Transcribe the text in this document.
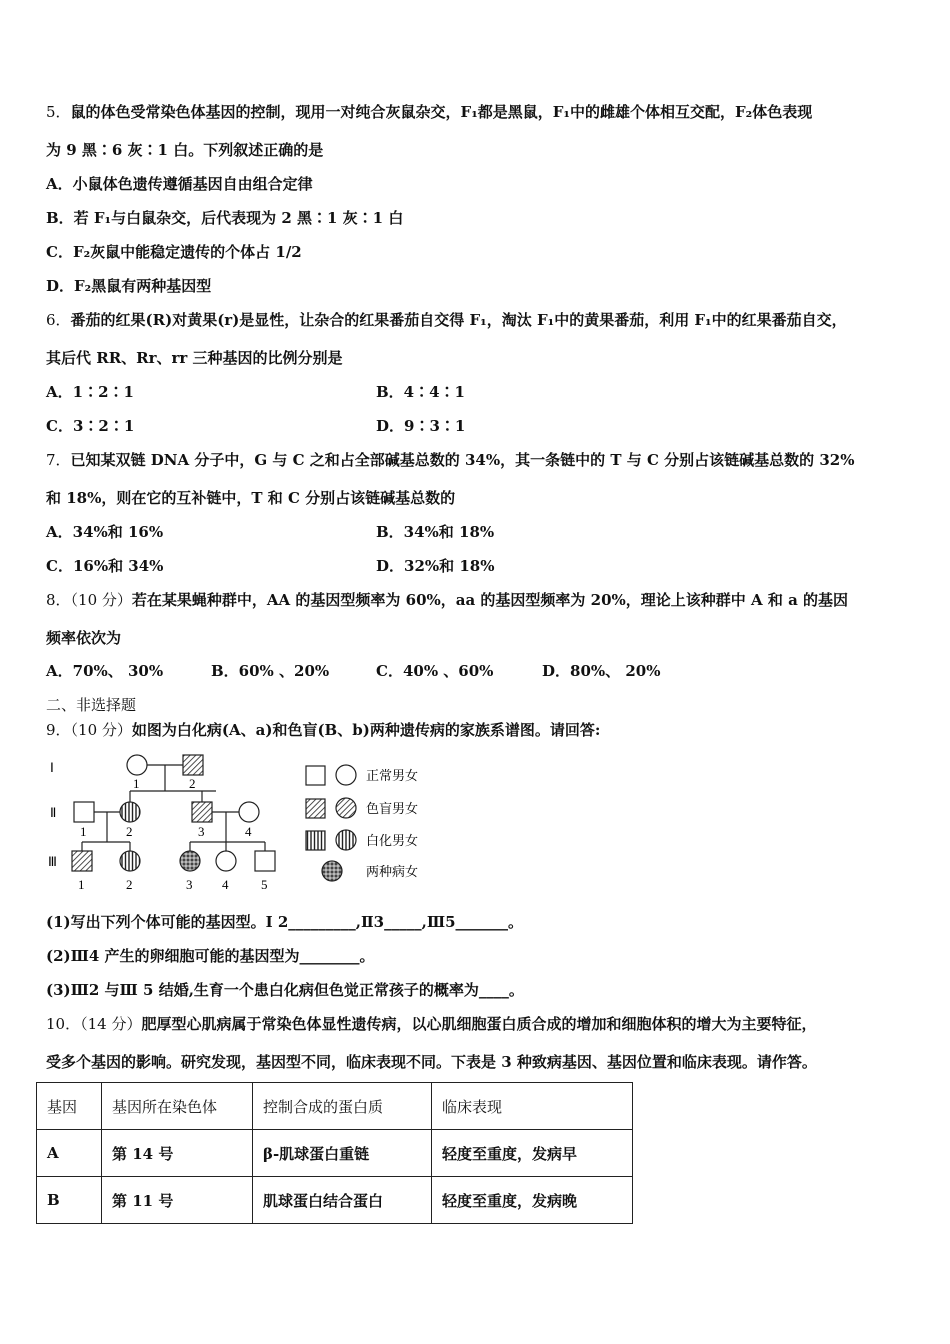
5．鼠的体色受常染色体基因的控制，现用一对纯合灰鼠杂交，F₁都是黑鼠，F₁中的雌雄个体相互交配，F₂体色表现
为 9 黑∶6 灰∶1 白。下列叙述正确的是
A．小鼠体色遗传遵循基因自由组合定律
B．若 F₁与白鼠杂交，后代表现为 2 黑∶1 灰∶1 白
C．F₂灰鼠中能稳定遗传的个体占 1/2
D．F₂黑鼠有两种基因型
6．番茄的红果(R)对黄果(r)是显性，让杂合的红果番茄自交得 F₁，淘汰 F₁中的黄果番茄，利用 F₁中的红果番茄自交，
其后代 RR、Rr、rr 三种基因的比例分别是
A．1∶2∶1	B．4∶4∶1
C．3∶2∶1	D．9∶3∶1
7．已知某双链 DNA 分子中，G 与 C 之和占全部碱基总数的 34%，其一条链中的 T 与 C 分别占该链碱基总数的 32%
和 18%，则在它的互补链中，T 和 C 分别占该链碱基总数的
A．34%和 16%	B．34%和 18%
C．16%和 34%	D．32%和 18%
8．（10 分）若在某果蝇种群中，AA 的基因型频率为 60%，aa 的基因型频率为 20%，理论上该种群中 A 和 a 的基因
频率依次为
A．70%、 30%	B．60% 、20%	C．40% 、60%	D．80%、 20%
二、非选择题
9．（10 分）如图为白化病(A、a)和色盲(B、b)两种遗传病的家族系谱图。请回答:
Ⅰ
Ⅱ
Ⅲ
1	2
1	2	3	4
1	2	3 4	5
正常男女
色盲男女
白化男女
两种病女
(1)写出下列个体可能的基因型。Ⅰ 2_________,Ⅱ3_____,Ⅲ5_______。
(2)Ⅲ4 产生的卵细胞可能的基因型为________。
(3)Ⅲ2 与Ⅲ 5 结婚,生育一个患白化病但色觉正常孩子的概率为____。
10．（14 分）肥厚型心肌病属于常染色体显性遗传病，以心肌细胞蛋白质合成的增加和细胞体积的增大为主要特征，
受多个基因的影响。研究发现，基因型不同，临床表现不同。下表是 3 种致病基因、基因位置和临床表现。请作答。
基因	基因所在染色体	控制合成的蛋白质	临床表现
A	第 14 号	β-肌球蛋白重链	轻度至重度，发病早
B	第 11 号	肌球蛋白结合蛋白	轻度至重度，发病晚
